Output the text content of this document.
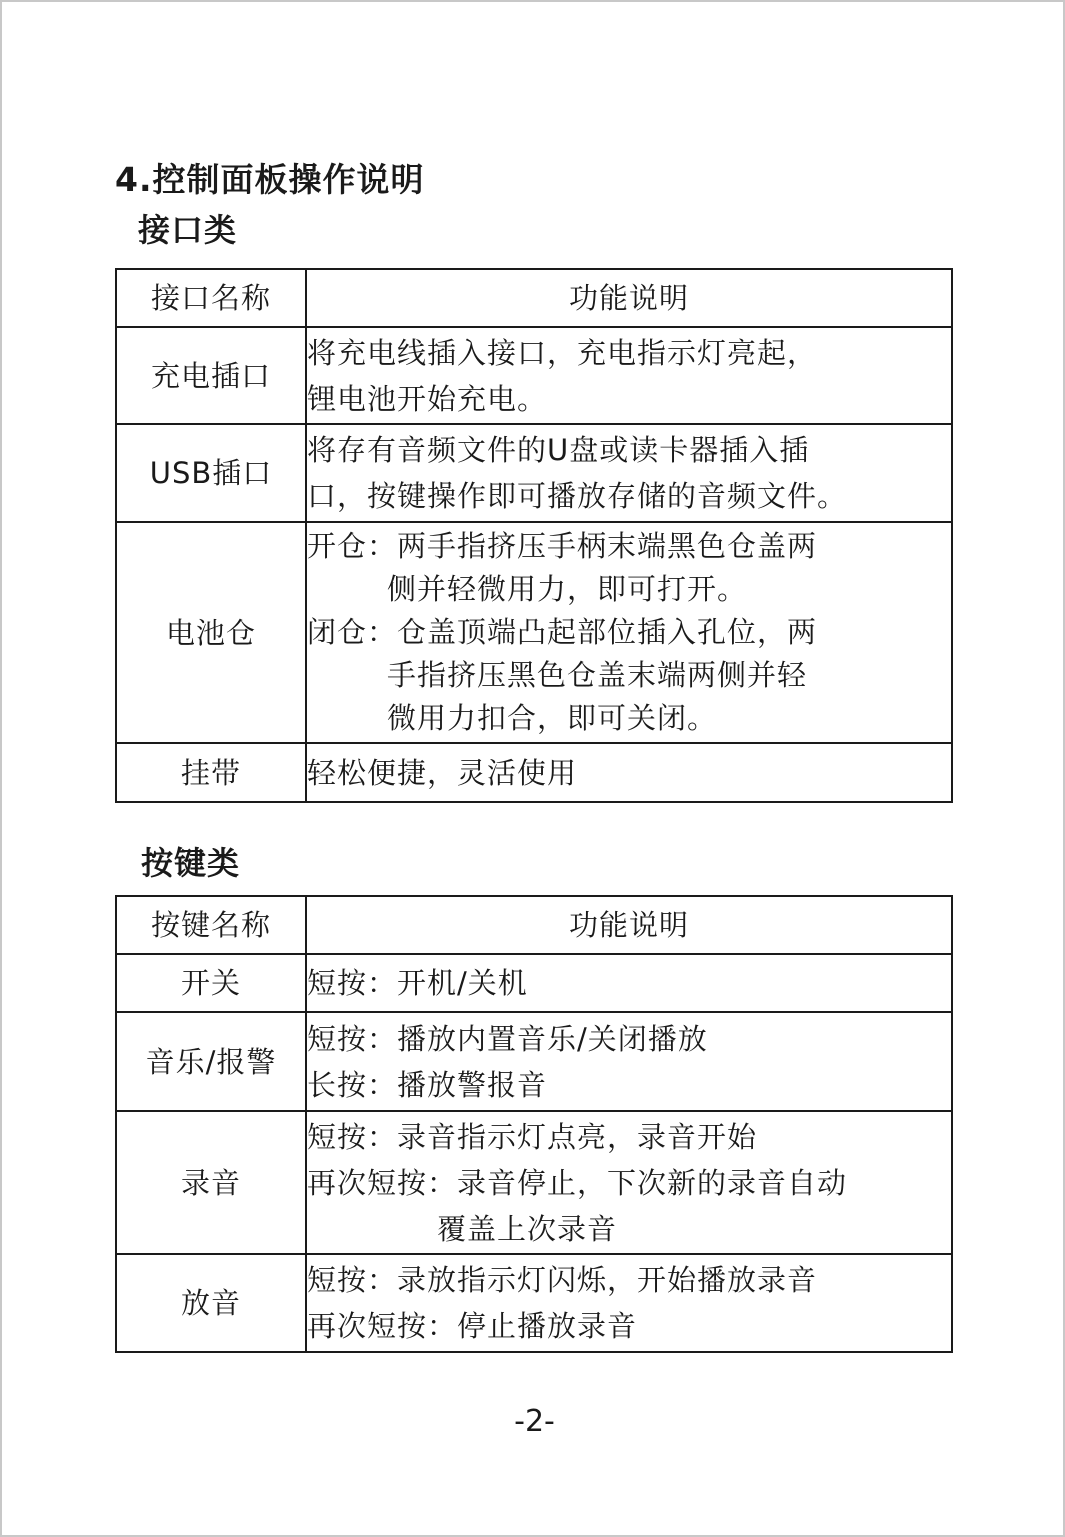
4.控制面板操作说明
接口类
接口名称	功能说明
充电插口	将充电线插入接口，充电指示灯亮起，
锂电池开始充电。

USB插口	将存有音频文件的U盘或读卡器插入插
口，按键操作即可播放存储的音频文件。

电池仓	开仓：两手指挤压手柄末端黑色仓盖两
侧并轻微用力，即可打开。
闭仓：仓盖顶端凸起部位插入孔位，两
手指挤压黑色仓盖末端两侧并轻
微用力扣合，即可关闭。

挂带	轻松便捷，灵活使用
按键类
按键名称	功能说明
开关	短按：开机/关机

音乐/报警	短按：播放内置音乐/关闭播放
长按：播放警报音

录音	短按：录音指示灯点亮，录音开始
再次短按：录音停止，下次新的录音自动
覆盖上次录音

放音	短按：录放指示灯闪烁，开始播放录音
再次短按：停止播放录音
-2-
